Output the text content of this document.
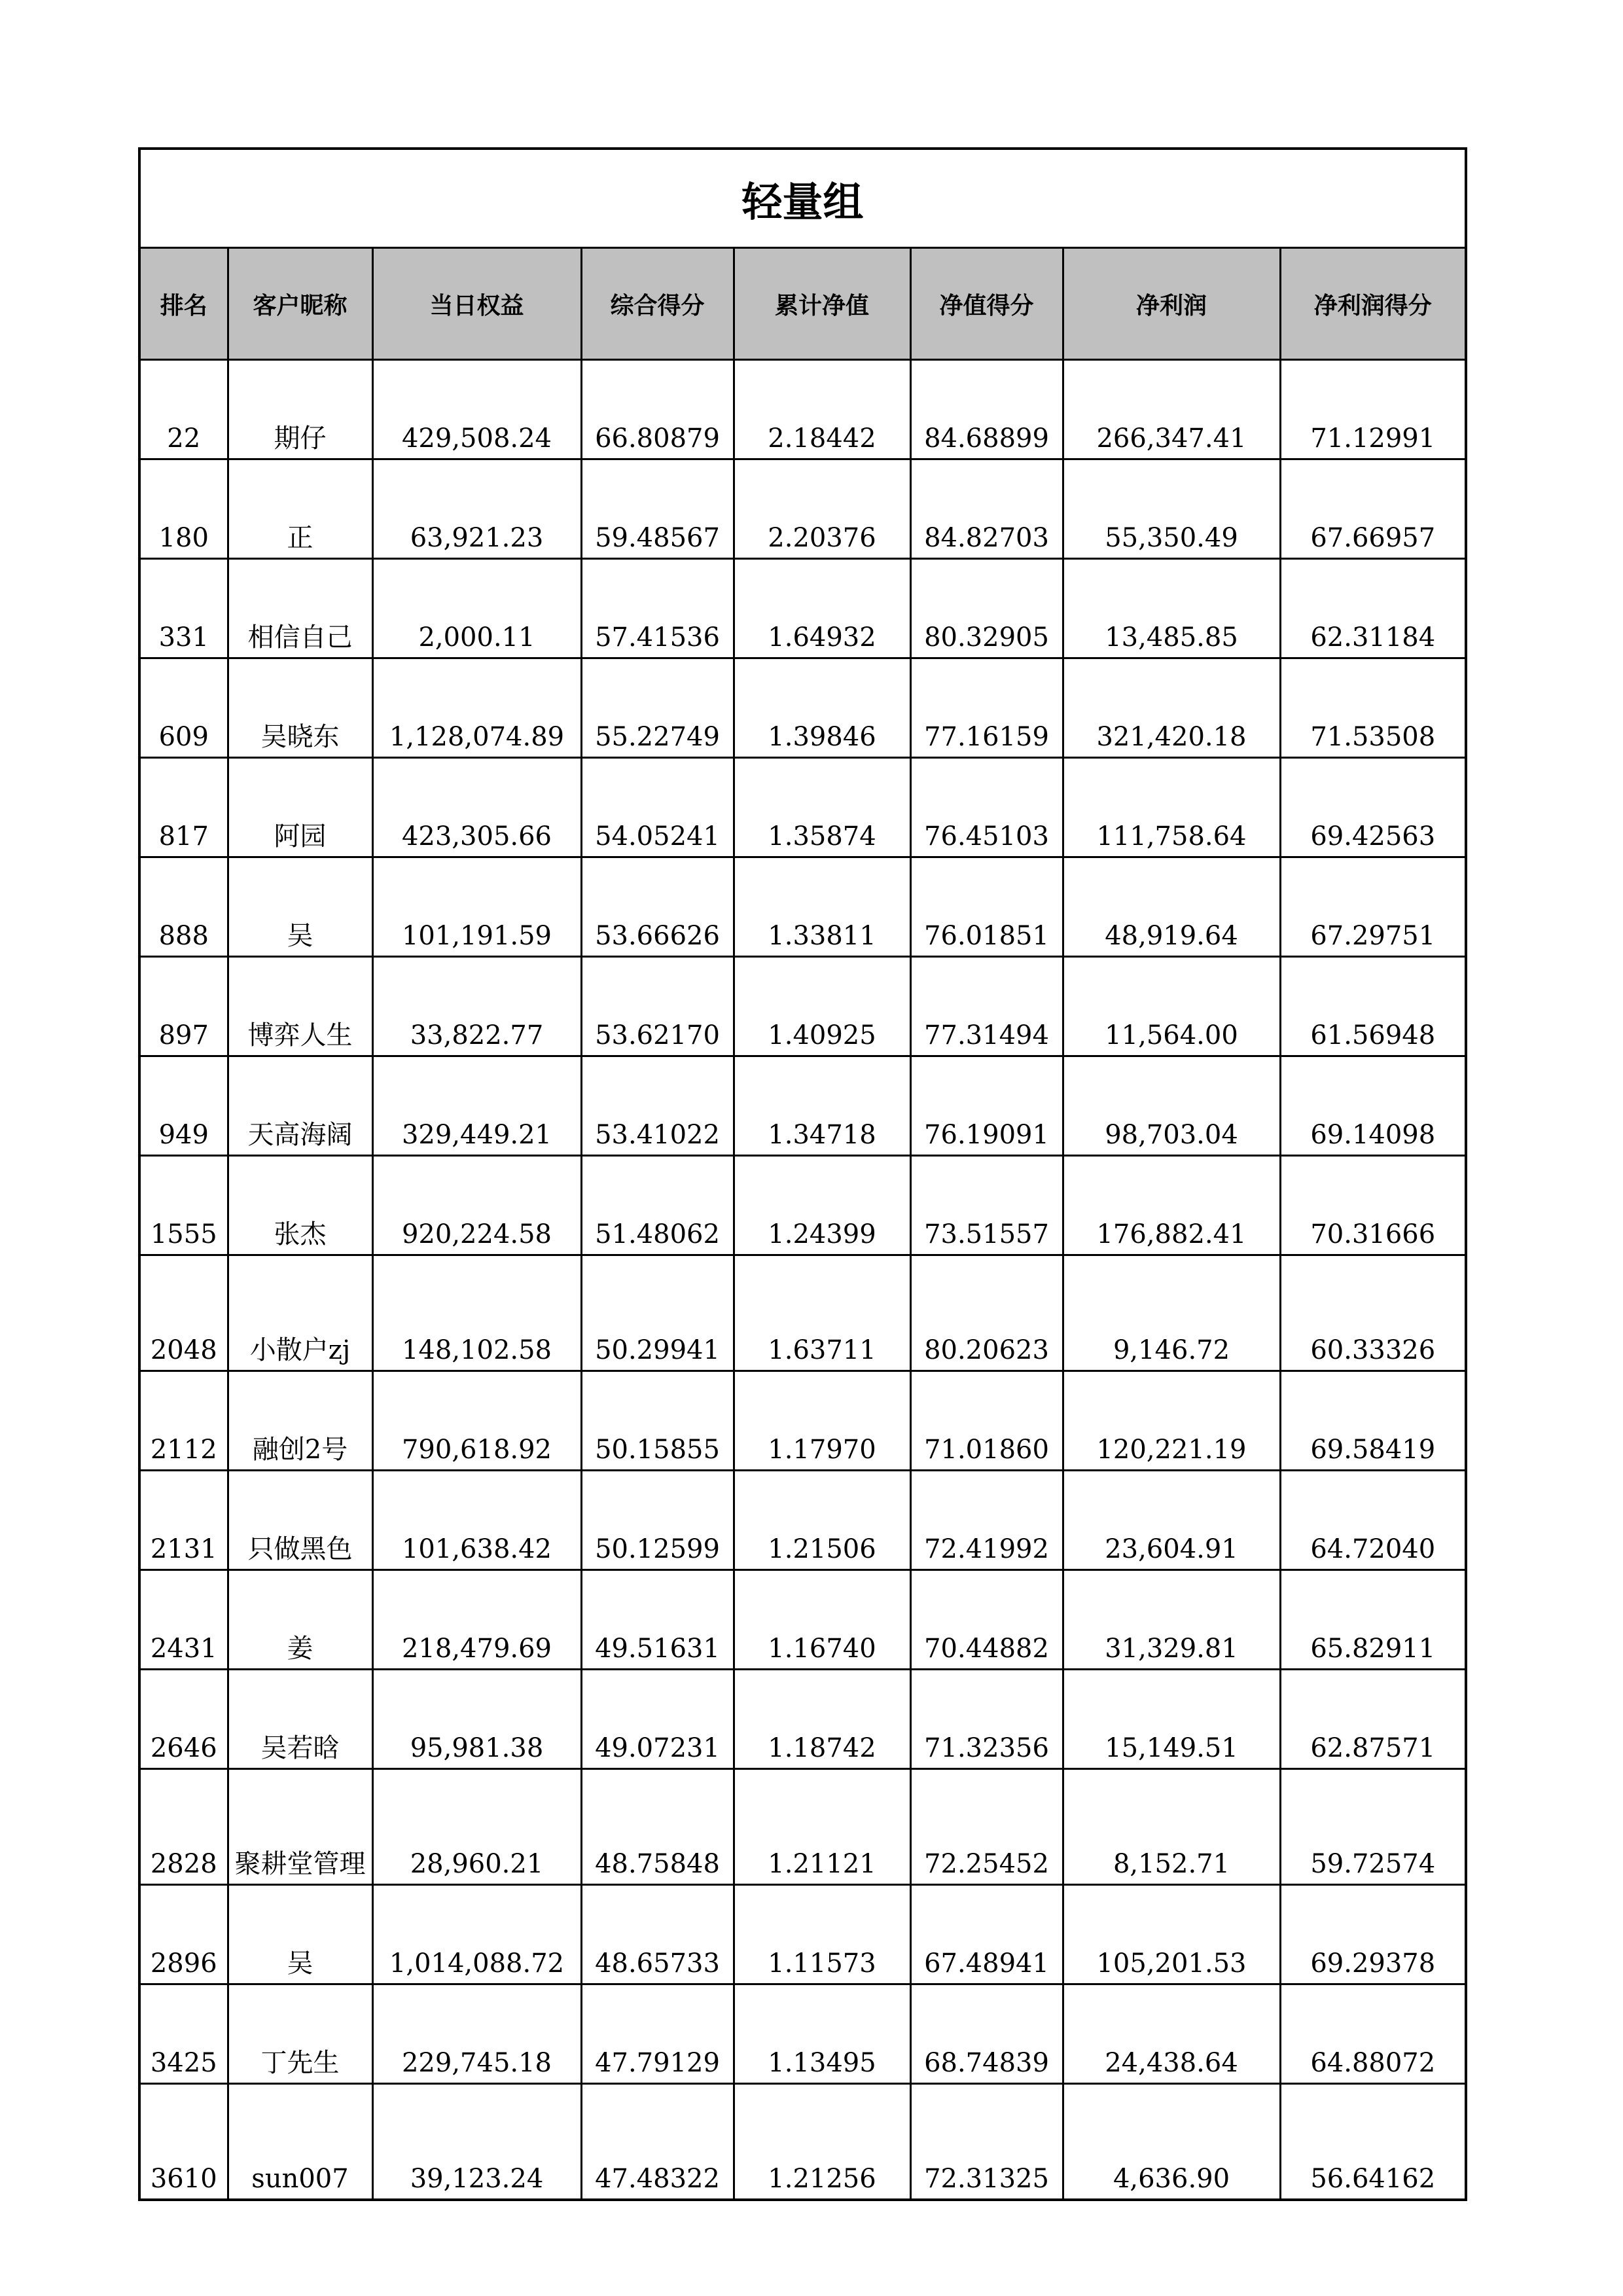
轻量组							
排名	客户昵称	当日权益	综合得分	累计净值	净值得分	净利润	净利润得分
22	期仔	429,508.24	66.80879	2.18442	84.68899	266,347.41	71.12991
180	正	63,921.23	59.48567	2.20376	84.82703	55,350.49	67.66957
331	相信自己	2,000.11	57.41536	1.64932	80.32905	13,485.85	62.31184
609	吴晓东	1,128,074.89	55.22749	1.39846	77.16159	321,420.18	71.53508
817	阿园	423,305.66	54.05241	1.35874	76.45103	111,758.64	69.42563
888	吴	101,191.59	53.66626	1.33811	76.01851	48,919.64	67.29751
897	博弈人生	33,822.77	53.62170	1.40925	77.31494	11,564.00	61.56948
949	天高海阔	329,449.21	53.41022	1.34718	76.19091	98,703.04	69.14098
1555	张杰	920,224.58	51.48062	1.24399	73.51557	176,882.41	70.31666
2048	小散户zj	148,102.58	50.29941	1.63711	80.20623	9,146.72	60.33326
2112	融创2号	790,618.92	50.15855	1.17970	71.01860	120,221.19	69.58419
2131	只做黑色	101,638.42	50.12599	1.21506	72.41992	23,604.91	64.72040
2431	姜	218,479.69	49.51631	1.16740	70.44882	31,329.81	65.82911
2646	吴若晗	95,981.38	49.07231	1.18742	71.32356	15,149.51	62.87571
2828	聚耕堂管理	28,960.21	48.75848	1.21121	72.25452	8,152.71	59.72574
2896	吴	1,014,088.72	48.65733	1.11573	67.48941	105,201.53	69.29378
3425	丁先生	229,745.18	47.79129	1.13495	68.74839	24,438.64	64.88072
3610	sun007	39,123.24	47.48322	1.21256	72.31325	4,636.90	56.64162
